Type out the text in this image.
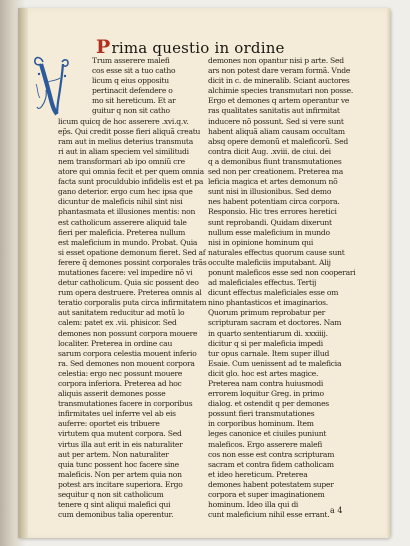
Prima questio in ordine
Trum asserere malefi
cos esse sit a tuo catho
licum q eius oppositu
pertinacit defendere o
mo sit hereticum. Et ar
guitur q non sit catho
licum quicq de hoc asserere .xvi.q.v.
ep̃s. Qui credit posse fieri aliquã creatu
ram aut in melius deterius transmuta
ri aut in aliam speciem vel similitudi
nem transformari ab ipo omniũ cre
atore qui omnia fecit et per quem omnia
facta sunt proculdubio infidelis est et pa
gano deterior. ergo cum hec ipsa que
dicuntur de maleficis nihil sint nisi
phantasmata et illusiones mentis: non
est catholicum asserere aliquid tale
fieri per maleficia. Preterea nullum
est maleficium in mundo. Probat. Quia
si esset opatione demonum fieret. Sed af
ferere q̃ demones possint corporales trãs
mutationes facere: vel impedire nõ vi
detur catholicum. Quia sic possent deo
rum opera destruere. Preterea omnis al
teratio corporalis puta circa infirmitatem
aut sanitatem reducitur ad motũ lo
calem: patet ex .vii. phisicor. Sed
demones non possunt corpora mouere
localiter. Preterea in ordine cau
sarum corpora celestia mouent inferio
ra. Sed demones non mouent corpora
celestia: ergo nec possunt mouere
corpora inferiora. Preterea ad hoc
aliquis asserit demones posse
transmutationes facere in corporibus
infirmitates uel inferre vel ab eis
auferre: oportet eis tribuere
virtutem qua mutent corpora. Sed
virtus illa aut erit in eis naturaliter
aut per artem. Non naturaliter
quia tunc possent hoc facere sine
maleficis. Non per artem quia non
potest ars incitare superiora. Ergo
sequitur q non sit catholicum
tenere q sint aliqui malefici qui
cum demonibus talia operentur.
demones non opantur nisi p arte. Sed
ars non potest dare veram formã. Vnde
dicit in c. de mineralib. Sciant auctores
alchimie species transmutari non posse.
Ergo et demones q artem operantur ve
ras qualitates sanitatis aut infirmitat
inducere nõ possunt. Sed si vere sunt
habent aliquã aliam causam occultam
absq opere demonũ et maleficorũ. Sed
contra dicit Aug. .xviii. de ciui. dei
q a demonibus fiunt transmutationes
sed non per creationem. Preterea ma
leficia magica et artes demonum nõ
sunt nisi in illusionibus. Sed demo
nes habent potentiam circa corpora.
Responsio. Hic tres errores heretici
sunt reprobandi. Quidam dixerunt
nullum esse maleficium in mundo
nisi in opinione hominum qui
naturales effectus quorum cause sunt
occulte maleficiis imputabant. Alij
ponunt maleficos esse sed non cooperari
ad maleficiales effectus. Tertij
dicunt effectus maleficiales esse om
nino phantasticos et imaginarios.
Quorum primum reprobatur per
scripturam sacram et doctores. Nam
in quarto sententiarum di. xxxiiij.
dicitur q si per maleficia impedi
tur opus carnale. Item super illud
Esaie. Cum uenissent ad te maleficia
dicit glo. hoc est artes magice.
Preterea nam contra huiusmodi
errorem loquitur Greg. in primo
dialog. et ostendit q per demones
possunt fieri transmutationes
in corporibus hominum. Item
leges canonice et ciuiles puniunt
maleficos. Ergo asserere malefi
cos non esse est contra scripturam
sacram et contra fidem catholicam
et ideo hereticum. Preterea
demones habent potestatem super
corpora et super imaginationem
hominum. Ideo illa qui di
cunt maleficium nihil esse errant. a 4
